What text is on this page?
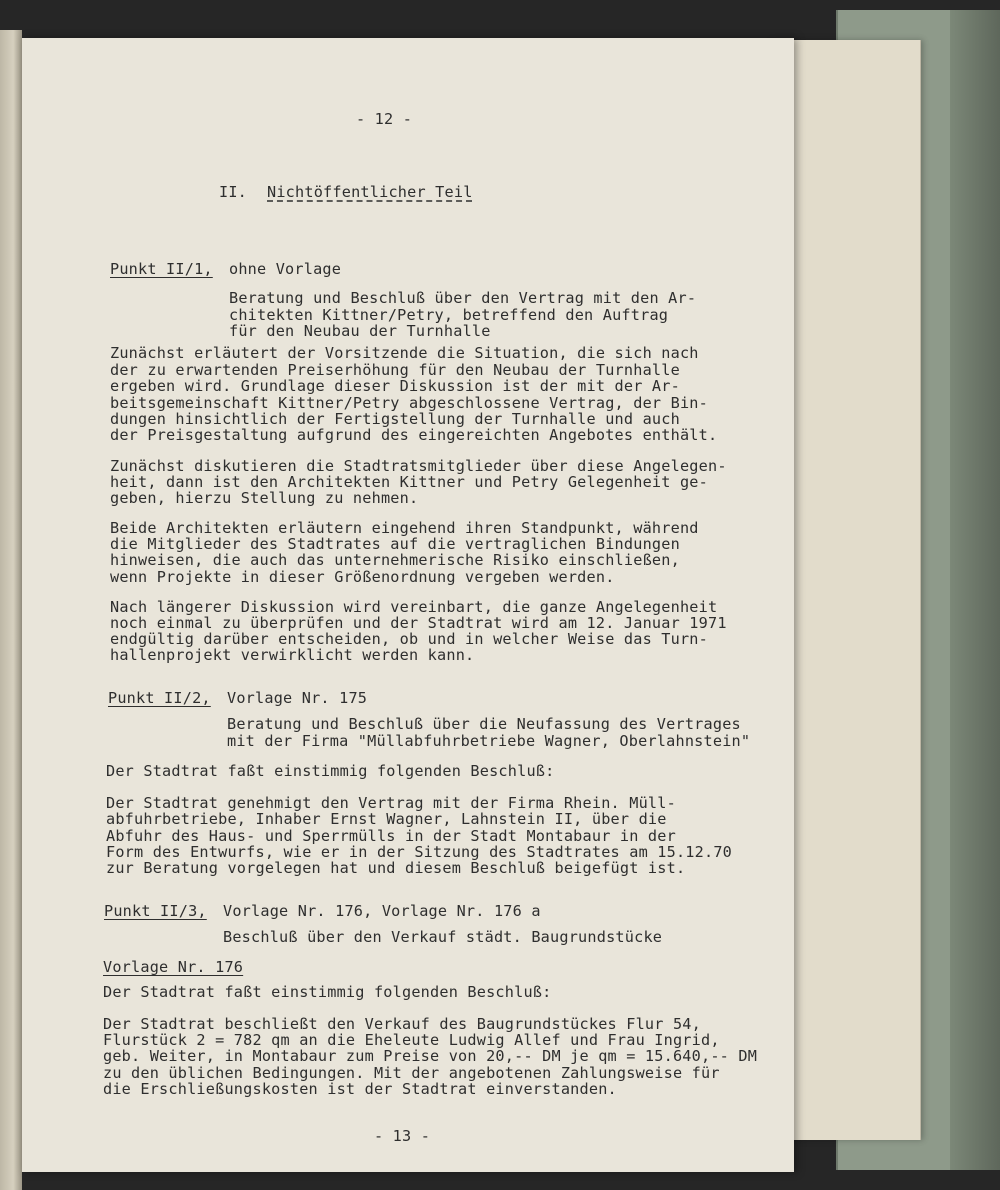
- 12 -
II. Nichtöffentlicher Teil
Punkt II/1, ohne Vorlage
Beratung und Beschluß über den Vertrag mit den Ar-
chitekten Kittner/Petry, betreffend den Auftrag
für den Neubau der Turnhalle
Zunächst erläutert der Vorsitzende die Situation, die sich nach
der zu erwartenden Preiserhöhung für den Neubau der Turnhalle
ergeben wird. Grundlage dieser Diskussion ist der mit der Ar-
beitsgemeinschaft Kittner/Petry abgeschlossene Vertrag, der Bin-
dungen hinsichtlich der Fertigstellung der Turnhalle und auch
der Preisgestaltung aufgrund des eingereichten Angebotes enthält.
Zunächst diskutieren die Stadtratsmitglieder über diese Angelegen-
heit, dann ist den Architekten Kittner und Petry Gelegenheit ge-
geben, hierzu Stellung zu nehmen.
Beide Architekten erläutern eingehend ihren Standpunkt, während
die Mitglieder des Stadtrates auf die vertraglichen Bindungen
hinweisen, die auch das unternehmerische Risiko einschließen,
wenn Projekte in dieser Größenordnung vergeben werden.
Nach längerer Diskussion wird vereinbart, die ganze Angelegenheit
noch einmal zu überprüfen und der Stadtrat wird am 12. Januar 1971
endgültig darüber entscheiden, ob und in welcher Weise das Turn-
hallenprojekt verwirklicht werden kann.
Punkt II/2, Vorlage Nr. 175
Beratung und Beschluß über die Neufassung des Vertrages
mit der Firma "Müllabfuhrbetriebe Wagner, Oberlahnstein"
Der Stadtrat faßt einstimmig folgenden Beschluß:
Der Stadtrat genehmigt den Vertrag mit der Firma Rhein. Müll-
abfuhrbetriebe, Inhaber Ernst Wagner, Lahnstein II, über die
Abfuhr des Haus- und Sperrmülls in der Stadt Montabaur in der
Form des Entwurfs, wie er in der Sitzung des Stadtrates am 15.12.70
zur Beratung vorgelegen hat und diesem Beschluß beigefügt ist.
Punkt II/3, Vorlage Nr. 176, Vorlage Nr. 176 a
Beschluß über den Verkauf städt. Baugrundstücke
Vorlage Nr. 176
Der Stadtrat faßt einstimmig folgenden Beschluß:
Der Stadtrat beschließt den Verkauf des Baugrundstückes Flur 54,
Flurstück 2 = 782 qm an die Eheleute Ludwig Allef und Frau Ingrid,
geb. Weiter, in Montabaur zum Preise von 20,-- DM je qm = 15.640,-- DM
zu den üblichen Bedingungen. Mit der angebotenen Zahlungsweise für
die Erschließungskosten ist der Stadtrat einverstanden.
- 13 -
